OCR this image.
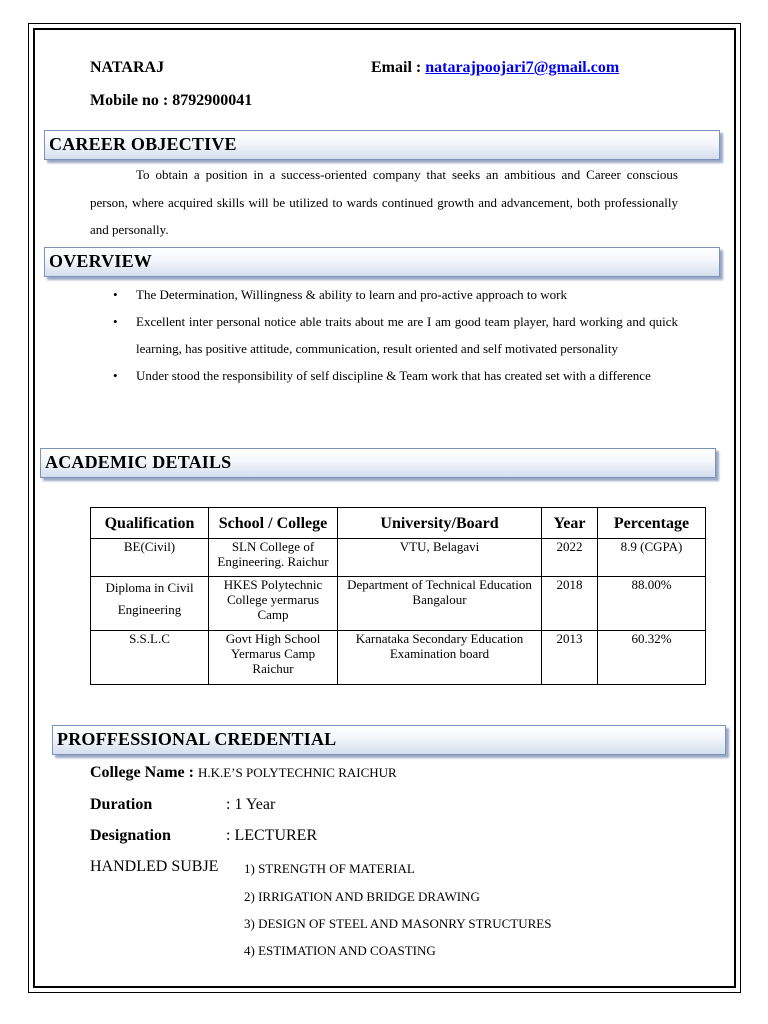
NATARAJ	Email : natarajpoojari7@gmail.com
Mobile no : 8792900041
CAREER OBJECTIVE
To obtain a position in a success-oriented company that seeks an ambitious and Career conscious person, where acquired skills will be utilized to wards continued growth and advancement, both professionally and personally.
OVERVIEW
• The Determination, Willingness & ability to learn and pro-active approach to work
• Excellent inter personal notice able traits about me are I am good team player, hard working and quick learning, has positive attitude, communication, result oriented and self motivated personality
• Under stood the responsibility of self discipline & Team work that has created set with a difference
ACADEMIC DETAILS
Qualification	School / College	University/Board	Year	Percentage
BE(Civil)	SLN College of Engineering. Raichur	VTU, Belagavi	2022	8.9 (CGPA)
Diploma in Civil Engineering	HKES Polytechnic College yermarus Camp	Department of Technical Education Bangalour	2018	88.00%
S.S.L.C	Govt High School Yermarus Camp Raichur	Karnataka Secondary Education Examination board	2013	60.32%
PROFFESSIONAL CREDENTIAL
College Name : H.K.E’S POLYTECHNIC RAICHUR
Duration	: 1 Year
Designation	: LECTURER
HANDLED SUBJE 1) STRENGTH OF MATERIAL
2) IRRIGATION AND BRIDGE DRAWING
3) DESIGN OF STEEL AND MASONRY STRUCTURES
4) ESTIMATION AND COASTING
